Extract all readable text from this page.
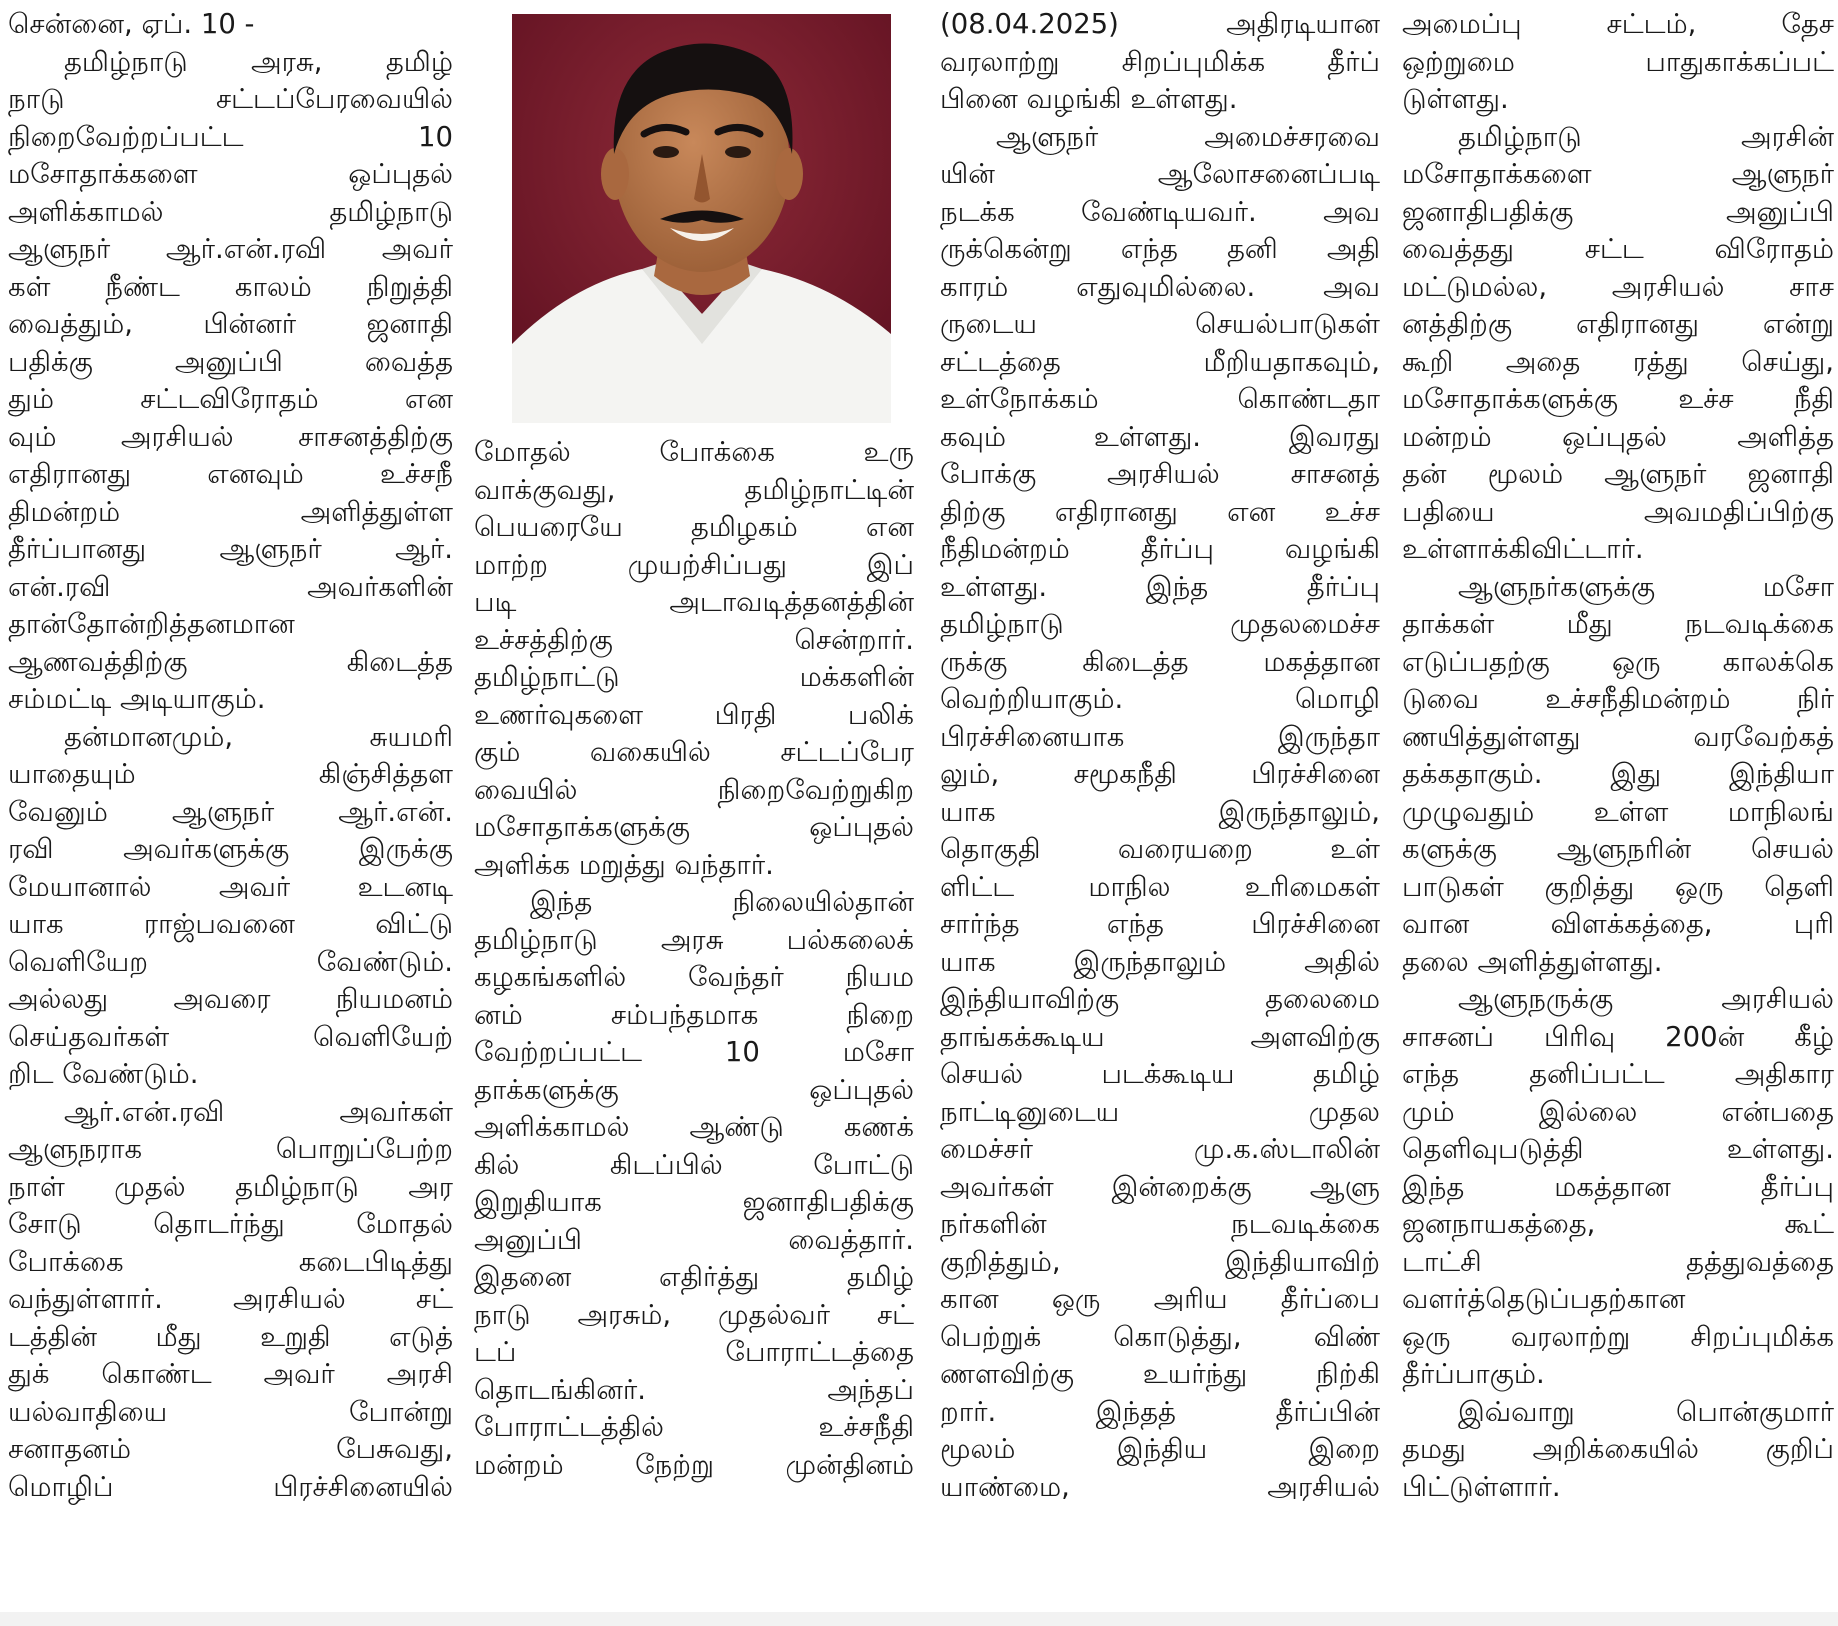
சென்னை, ஏப். 10 -
தமிழ்நாடு அரசு, தமிழ்
நாடு சட்டப்பேரவையில்
நிறைவேற்றப்பட்ட 10
மசோதாக்களை ஒப்புதல்
அளிக்காமல் தமிழ்நாடு
ஆளுநர் ஆர்.என்.ரவி அவர்
கள் நீண்ட காலம் நிறுத்தி
வைத்தும், பின்னர் ஜனாதி
பதிக்கு அனுப்பி வைத்த
தும் சட்டவிரோதம் என
வும் அரசியல் சாசனத்திற்கு
எதிரானது எனவும் உச்சநீ
திமன்றம் அளித்துள்ள
தீர்ப்பானது ஆளுநர் ஆர்.
என்.ரவி அவர்களின்
தான்தோன்றித்தனமான
ஆணவத்திற்கு கிடைத்த
சம்மட்டி அடியாகும்.
தன்மானமும், சுயமரி
யாதையும் கிஞ்சித்தள
வேனும் ஆளுநர் ஆர்.என்.
ரவி அவர்களுக்கு இருக்கு
மேயானால் அவர் உடனடி
யாக ராஜ்பவனை விட்டு
வெளியேற வேண்டும்.
அல்லது அவரை நியமனம்
செய்தவர்கள் வெளியேற்
றிட வேண்டும்.
ஆர்.என்.ரவி அவர்கள்
ஆளுநராக பொறுப்பேற்ற
நாள் முதல் தமிழ்நாடு அர
சோடு தொடர்ந்து மோதல்
போக்கை கடைபிடித்து
வந்துள்ளார். அரசியல் சட்
டத்தின் மீது உறுதி எடுத்
துக் கொண்ட அவர் அரசி
யல்வாதியை போன்று
சனாதனம் பேசுவது,
மொழிப் பிரச்சினையில்
மோதல் போக்கை உரு
வாக்குவது, தமிழ்நாட்டின்
பெயரையே தமிழகம் என
மாற்ற முயற்சிப்பது இப்
படி அடாவடித்தனத்தின்
உச்சத்திற்கு சென்றார்.
தமிழ்நாட்டு மக்களின்
உணர்வுகளை பிரதி பலிக்
கும் வகையில் சட்டப்பேர
வையில் நிறைவேற்றுகிற
மசோதாக்களுக்கு ஒப்புதல்
அளிக்க மறுத்து வந்தார்.
இந்த நிலையில்தான்
தமிழ்நாடு அரசு பல்கலைக்
கழகங்களில் வேந்தர் நியம
னம் சம்பந்தமாக நிறை
வேற்றப்பட்ட 10 மசோ
தாக்களுக்கு ஒப்புதல்
அளிக்காமல் ஆண்டு கணக்
கில் கிடப்பில் போட்டு
இறுதியாக ஜனாதிபதிக்கு
அனுப்பி வைத்தார்.
இதனை எதிர்த்து தமிழ்
நாடு அரசும், முதல்வர் சட்
டப் போராட்டத்தை
தொடங்கினர். அந்தப்
போராட்டத்தில் உச்சநீதி
மன்றம் நேற்று முன்தினம்
(08.04.2025) அதிரடியான
வரலாற்று சிறப்புமிக்க தீர்ப்
பினை வழங்கி உள்ளது.
ஆளுநர் அமைச்சரவை
யின் ஆலோசனைப்படி
நடக்க வேண்டியவர். அவ
ருக்கென்று எந்த தனி அதி
காரம் எதுவுமில்லை. அவ
ருடைய செயல்பாடுகள்
சட்டத்தை மீறியதாகவும்,
உள்நோக்கம் கொண்டதா
கவும் உள்ளது. இவரது
போக்கு அரசியல் சாசனத்
திற்கு எதிரானது என உச்ச
நீதிமன்றம் தீர்ப்பு வழங்கி
உள்ளது. இந்த தீர்ப்பு
தமிழ்நாடு முதலமைச்ச
ருக்கு கிடைத்த மகத்தான
வெற்றியாகும். மொழி
பிரச்சினையாக இருந்தா
லும், சமூகநீதி பிரச்சினை
யாக இருந்தாலும்,
தொகுதி வரையறை உள்
ளிட்ட மாநில உரிமைகள்
சார்ந்த எந்த பிரச்சினை
யாக இருந்தாலும் அதில்
இந்தியாவிற்கு தலைமை
தாங்கக்கூடிய அளவிற்கு
செயல் படக்கூடிய தமிழ்
நாட்டினுடைய முதல
மைச்சர் மு.க.ஸ்டாலின்
அவர்கள் இன்றைக்கு ஆளு
நர்களின் நடவடிக்கை
குறித்தும், இந்தியாவிற்
கான ஒரு அரிய தீர்ப்பை
பெற்றுக் கொடுத்து, விண்
ணளவிற்கு உயர்ந்து நிற்கி
றார். இந்தத் தீர்ப்பின்
மூலம் இந்திய இறை
யாண்மை, அரசியல்
அமைப்பு சட்டம், தேச
ஒற்றுமை பாதுகாக்கப்பட்
டுள்ளது.
தமிழ்நாடு அரசின்
மசோதாக்களை ஆளுநர்
ஜனாதிபதிக்கு அனுப்பி
வைத்தது சட்ட விரோதம்
மட்டுமல்ல, அரசியல் சாச
னத்திற்கு எதிரானது என்று
கூறி அதை ரத்து செய்து,
மசோதாக்களுக்கு உச்ச நீதி
மன்றம் ஒப்புதல் அளித்த
தன் மூலம் ஆளுநர் ஜனாதி
பதியை அவமதிப்பிற்கு
உள்ளாக்கிவிட்டார்.
ஆளுநர்களுக்கு மசோ
தாக்கள் மீது நடவடிக்கை
எடுப்பதற்கு ஒரு காலக்கெ
டுவை உச்சநீதிமன்றம் நிர்
ணயித்துள்ளது வரவேற்கத்
தக்கதாகும். இது இந்தியா
முழுவதும் உள்ள மாநிலங்
களுக்கு ஆளுநரின் செயல்
பாடுகள் குறித்து ஒரு தெளி
வான விளக்கத்தை, புரி
தலை அளித்துள்ளது.
ஆளுநருக்கு அரசியல்
சாசனப் பிரிவு 200ன் கீழ்
எந்த தனிப்பட்ட அதிகார
மும் இல்லை என்பதை
தெளிவுபடுத்தி உள்ளது.
இந்த மகத்தான தீர்ப்பு
ஜனநாயகத்தை, கூட்
டாட்சி தத்துவத்தை
வளர்த்தெடுப்பதற்கான
ஒரு வரலாற்று சிறப்புமிக்க
தீர்ப்பாகும்.
இவ்வாறு பொன்குமார்
தமது அறிக்கையில் குறிப்
பிட்டுள்ளார்.
